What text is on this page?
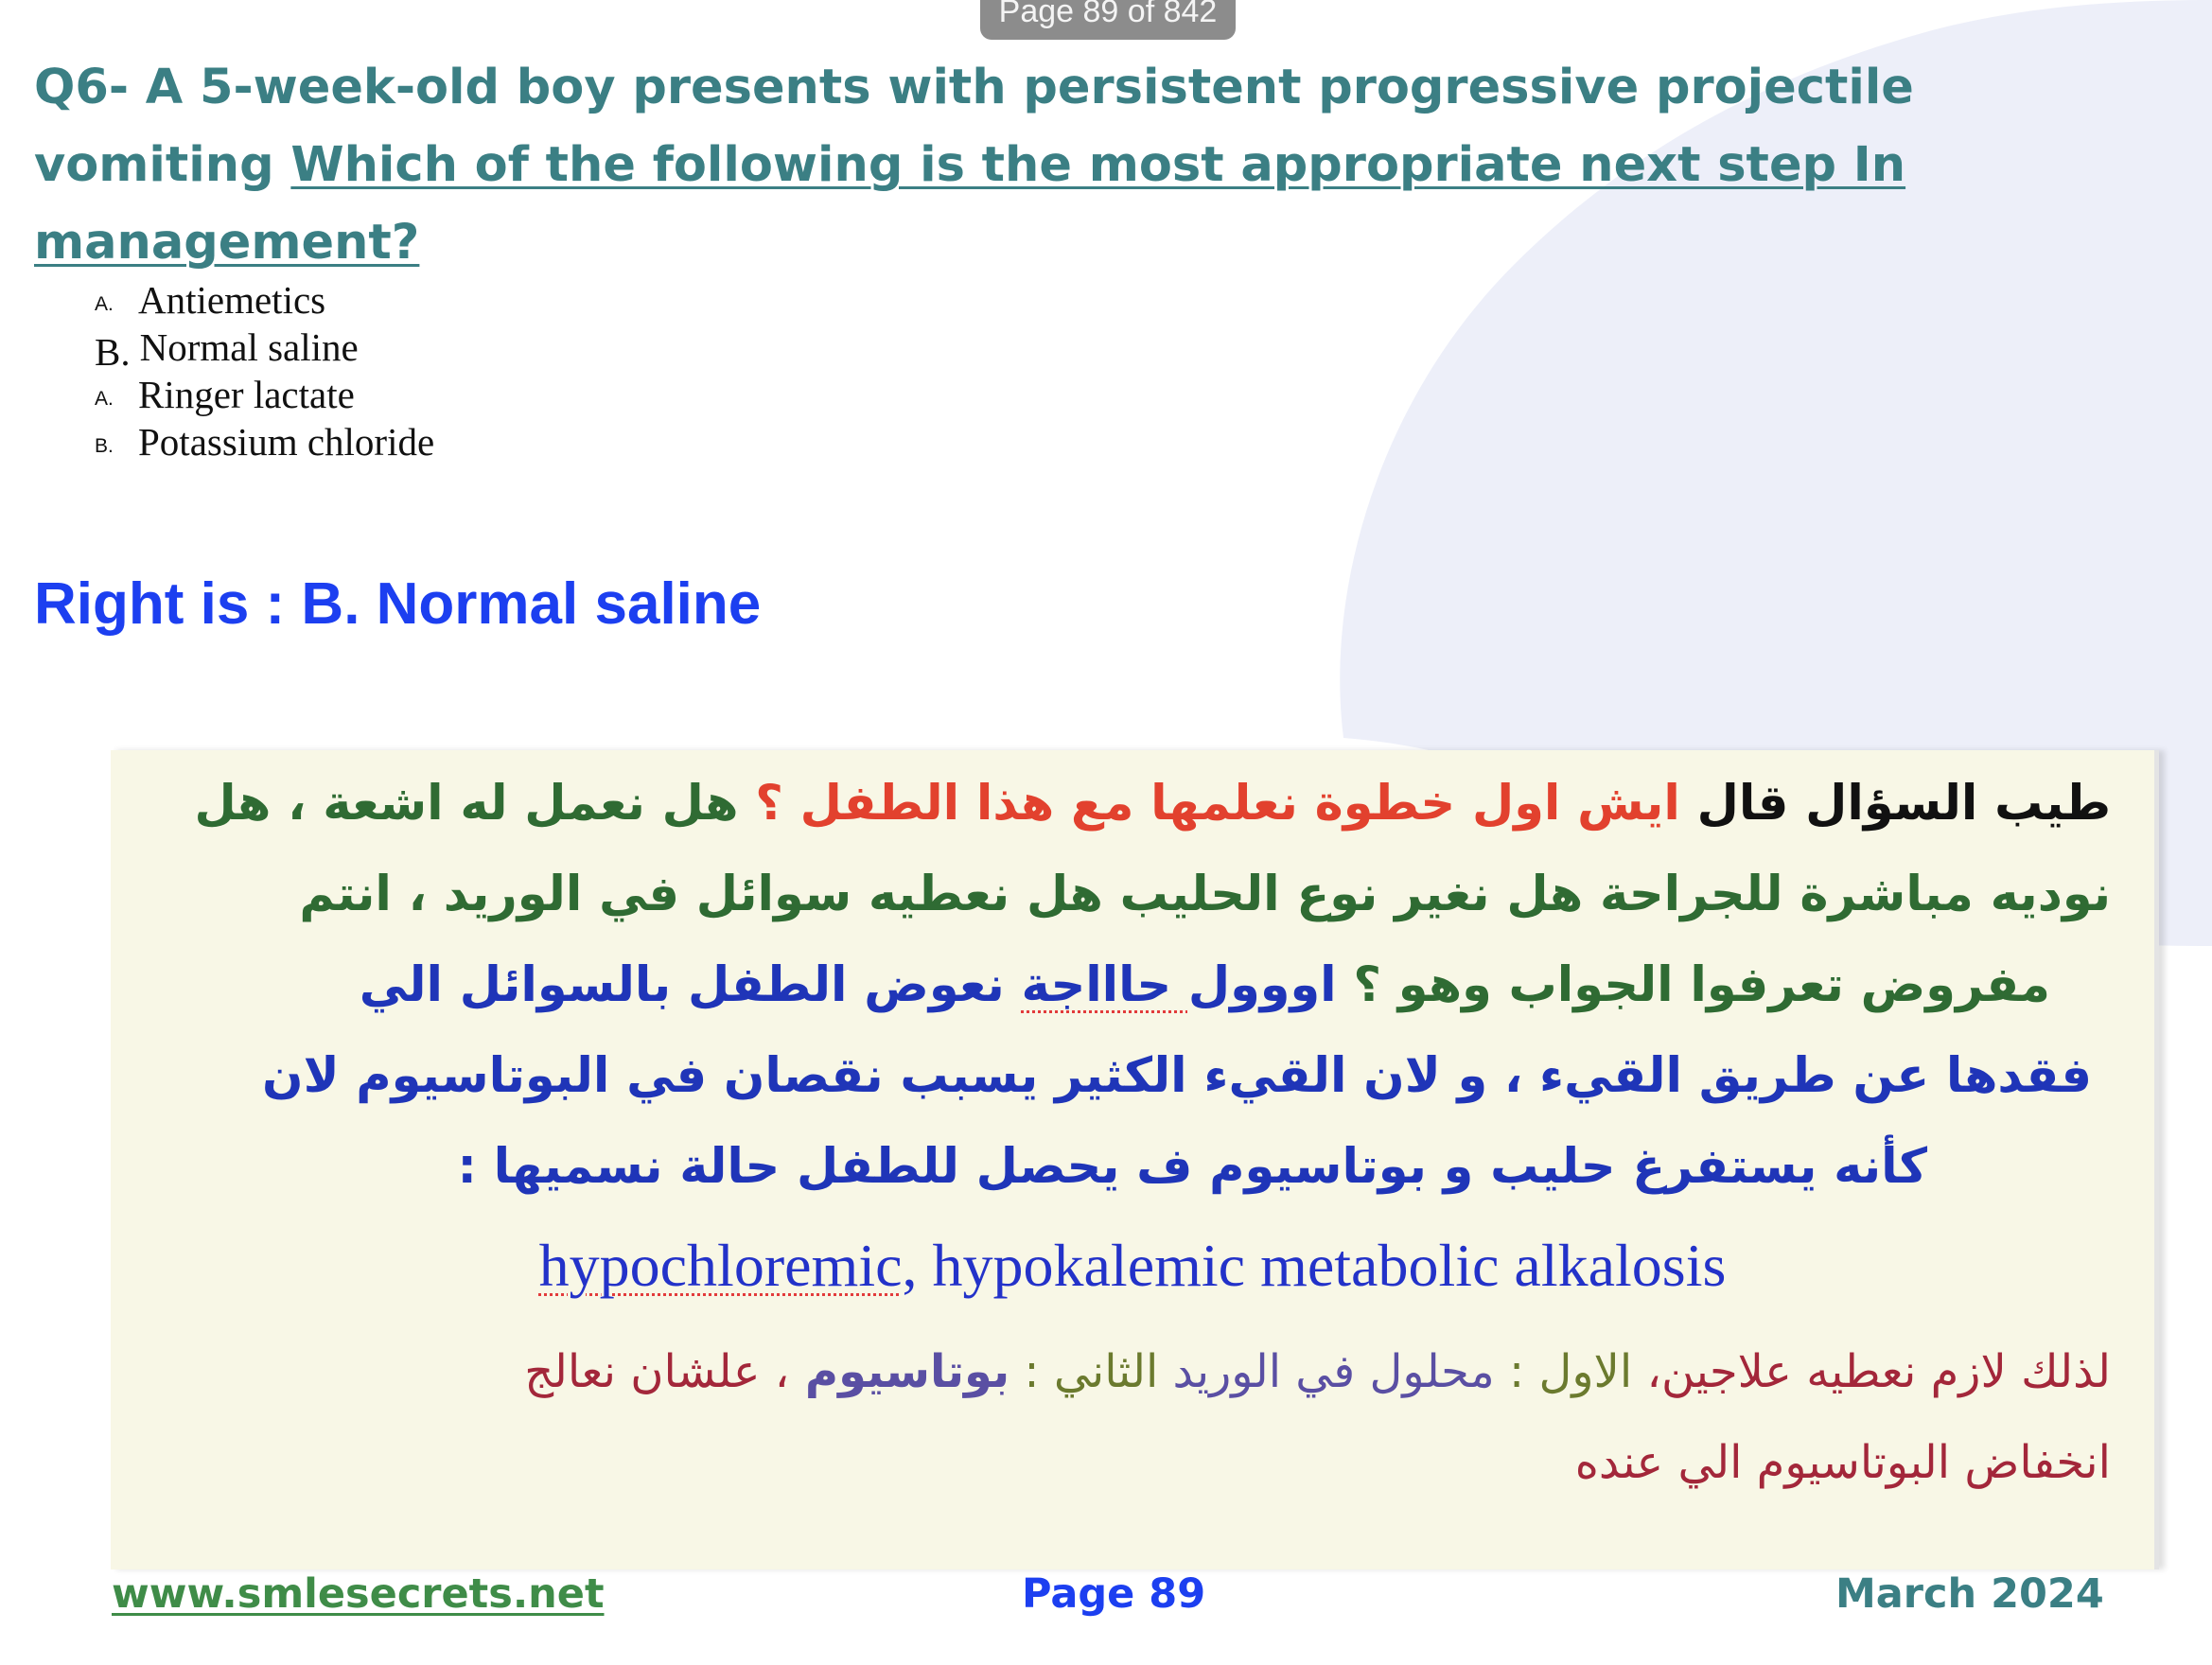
Page 89 of 842
Q6- A 5-week-old boy presents with persistent progressive projectile vomiting Which of the following is the most appropriate next step In management?
A. Antiemetics
B. Normal saline
A. Ringer lactate
B. Potassium chloride
Right is : B. Normal saline
طيب السؤال قال ايش اول خطوة نعلمها مع هذا الطفل ؟ هل نعمل له اشعة ، هل
نوديه مباشرة للجراحة هل نغير نوع الحليب هل نعطيه سوائل في الوريد ، انتم
مفروض تعرفوا الجواب وهو ؟ اووول حاااجة نعوض الطفل بالسوائل الي
فقدها عن طريق القيء ، و لان القيء الكثير يسبب نقصان في البوتاسيوم لان
كأنه يستفرغ حليب و بوتاسيوم ف يحصل للطفل حالة نسميها :
hypochloremic, hypokalemic metabolic alkalosis
لذلك لازم نعطيه علاجين، الاول : محلول في الوريد الثاني : بوتاسيوم ، علشان نعالج
انخفاض البوتاسيوم الي عنده
www.smlesecrets.net	Page 89	March 2024
